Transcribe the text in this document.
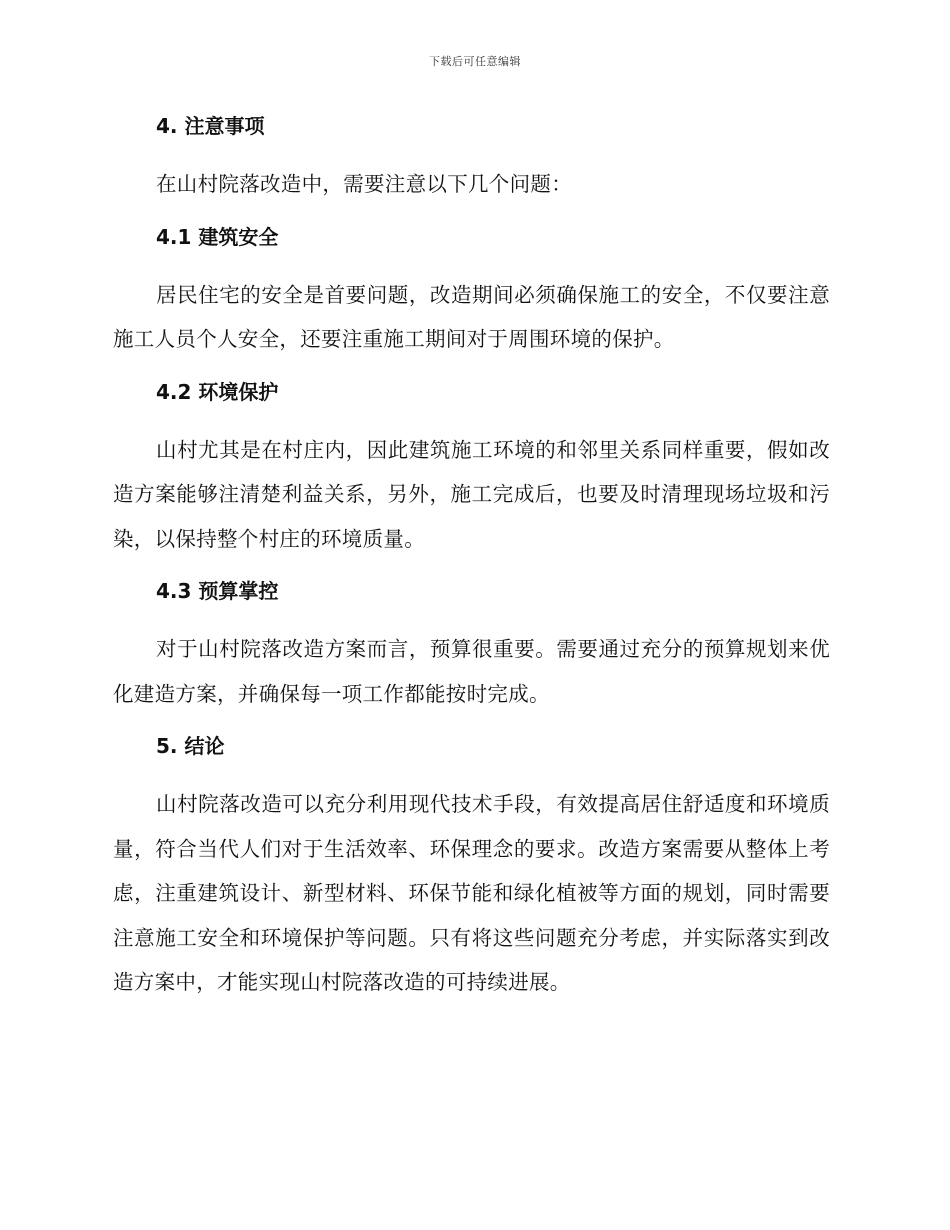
下载后可任意编辑
4. 注意事项

在山村院落改造中，需要注意以下几个问题：

4.1 建筑安全

居民住宅的安全是首要问题，改造期间必须确保施工的安全，不仅要注意施工人员个人安全，还要注重施工期间对于周围环境的保护。

4.2 环境保护

山村尤其是在村庄内，因此建筑施工环境的和邻里关系同样重要，假如改造方案能够注清楚利益关系，另外，施工完成后，也要及时清理现场垃圾和污染，以保持整个村庄的环境质量。

4.3 预算掌控

对于山村院落改造方案而言，预算很重要。需要通过充分的预算规划来优化建造方案，并确保每一项工作都能按时完成。

5. 结论

山村院落改造可以充分利用现代技术手段，有效提高居住舒适度和环境质量，符合当代人们对于生活效率、环保理念的要求。改造方案需要从整体上考虑，注重建筑设计、新型材料、环保节能和绿化植被等方面的规划，同时需要注意施工安全和环境保护等问题。只有将这些问题充分考虑，并实际落实到改造方案中，才能实现山村院落改造的可持续进展。
